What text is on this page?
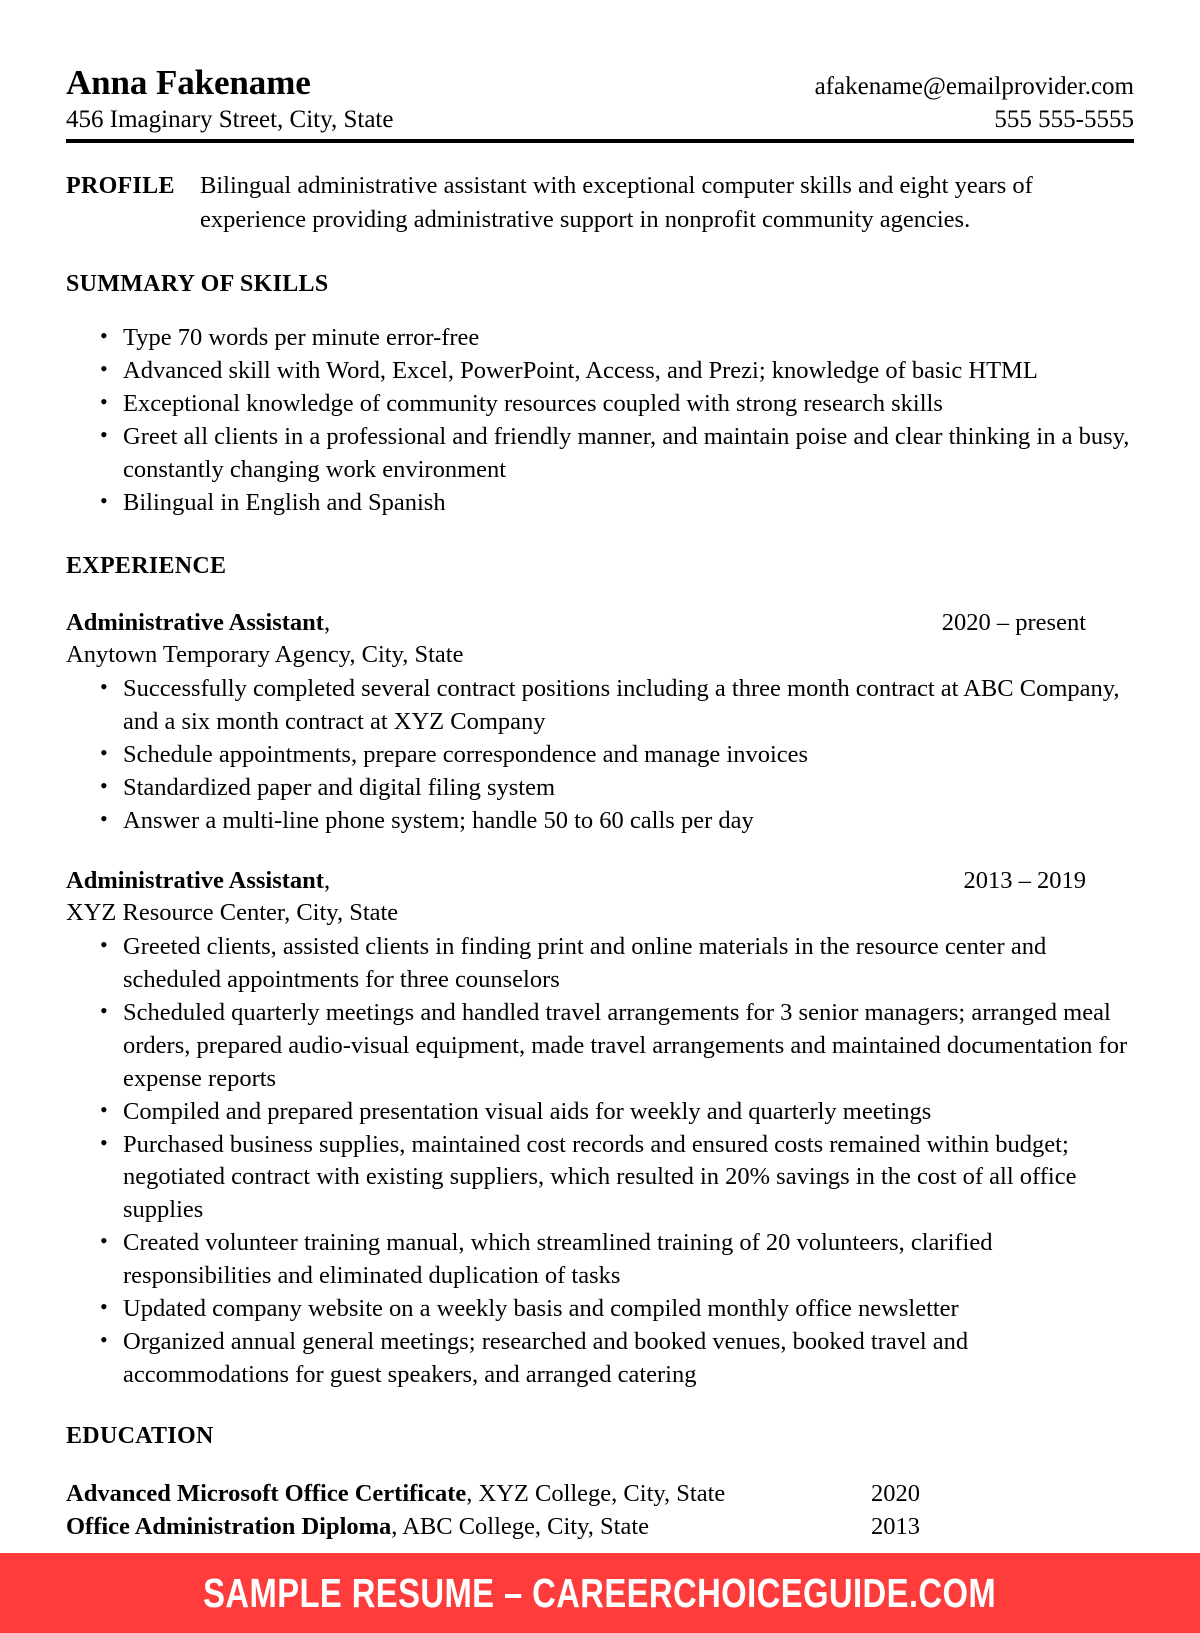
Anna Fakename	afakename@emailprovider.com
456 Imaginary Street, City, State	555 555-5555
PROFILE	Bilingual administrative assistant with exceptional computer skills and eight years of experience providing administrative support in nonprofit community agencies.
SUMMARY OF SKILLS
• Type 70 words per minute error-free
• Advanced skill with Word, Excel, PowerPoint, Access, and Prezi; knowledge of basic HTML
• Exceptional knowledge of community resources coupled with strong research skills
• Greet all clients in a professional and friendly manner, and maintain poise and clear thinking in a busy, constantly changing work environment
• Bilingual in English and Spanish
EXPERIENCE
Administrative Assistant,	2020 – present
Anytown Temporary Agency, City, State
• Successfully completed several contract positions including a three month contract at ABC Company, and a six month contract at XYZ Company
• Schedule appointments, prepare correspondence and manage invoices
• Standardized paper and digital filing system
• Answer a multi-line phone system; handle 50 to 60 calls per day
Administrative Assistant,	2013 – 2019
XYZ Resource Center, City, State
• Greeted clients, assisted clients in finding print and online materials in the resource center and scheduled appointments for three counselors
• Scheduled quarterly meetings and handled travel arrangements for 3 senior managers; arranged meal orders, prepared audio-visual equipment, made travel arrangements and maintained documentation for expense reports
• Compiled and prepared presentation visual aids for weekly and quarterly meetings
• Purchased business supplies, maintained cost records and ensured costs remained within budget; negotiated contract with existing suppliers, which resulted in 20% savings in the cost of all office supplies
• Created volunteer training manual, which streamlined training of 20 volunteers, clarified responsibilities and eliminated duplication of tasks
• Updated company website on a weekly basis and compiled monthly office newsletter
• Organized annual general meetings; researched and booked venues, booked travel and accommodations for guest speakers, and arranged catering
EDUCATION
Advanced Microsoft Office Certificate, XYZ College, City, State	2020
Office Administration Diploma, ABC College, City, State	2013
SAMPLE RESUME – CAREERCHOICEGUIDE.COM
